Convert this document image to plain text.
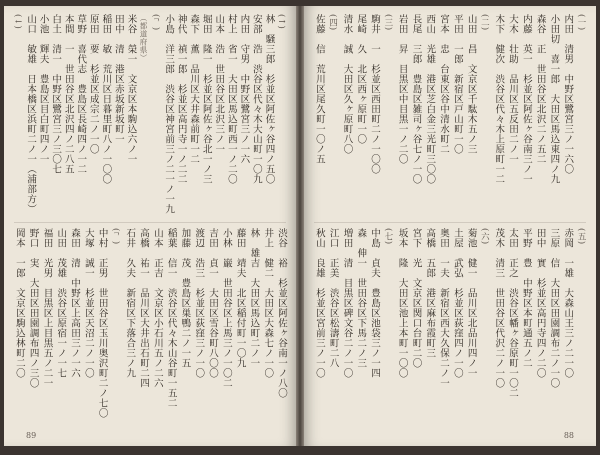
(↑)
林　騒三郎　杉並区阿佐ヶ谷四ノ五〇
安部　浩　渋谷区代々木大山町一〇九
内田　守男　中野区鷺宮三ノ一六
村上　省一　大田区馬込町西一ノ二〇
山本　浩　世田谷区北沢三ノ一
堀田　隆一　杉並区阿佐ヶ谷北一ノ三
森下　薫　品川区大井森前町一二
神代　禎一郎　杉並区高円寺一ノ二二
小島　洋三郎　渋谷区神宮前三ノ二一ノ一九
(ᄀ)
（都道府県）
米谷　榮一　文京区本駒込六ノ一
田中　清　港区赤坂新坂町一
稲田　敏　荒川区日暮里町八ノ一〇〇
原田　要　杉並区成宗二ノ一〇
草野　喜代志　豊島区長崎四ノ一二
本間　一　世田谷区北沢四ノ二八五
白土　清一　中野区鷺宮三ノ三〇七
小池　輝夫　豊島区目白町四ノ一
山口　敏雄　日本橋区浜町二ノ一（浦部方）
(↓)
渋谷　裕　杉並区阿佐ヶ谷南一ノ八〇
井上　健二　大田区大森七ノ一〇
林　雄吉　大田区馬込町二ノ一
藤田　靖夫　北区稲付町一〇九
小林　巌　世田谷区上馬三ノ一〇二
吉田　貞一　大田区雪谷町八〇〇
渡辺　浩三　杉並区荻窪三ノ一〇
加藤　茂　豊島区巣鴨二ノ一五
稲葉　信一　渋谷区代々木山谷町一五二
山本　正吉　文京区小石川五ノ二六
高橋　祐一　品川区大井出石町二四
石井　久夫　新宿区下落合三ノ九
(ᄀ)
中村　正男　世田谷区玉川奥沢町二ノ七〇
大塚　誠一　杉並区天沼二ノ一〇
森田　清　中野区上高田三ノ一六
山田　茂雄　渋谷区原宿一ノ一七
福田　光男　目黒区上目黒五ノ二一
野口　実　大田区田園調布四ノ三〇
岡本　一郎　文京区駒込林町二〇
89
(一)
内田　清男　中野区鷺宮三ノ一六〇
小田切　喜一郎　大田区馬込東四ノ九
森谷　正　世田谷区北沢二ノ五二
内藤　英一　杉並区阿佐ヶ谷南三ノ一
大木　壮助　品川区五反田二ノ一
木下　健次　渋谷区代々木上原町一二
(二)
山田　昌　文京区千駄木五ノ三
平田　一郎　新宿区戸山町一〇
宮本　忠　台東区谷中清水町二
西山　光雄　港区芝白金三光町三〇〇
長尾　三郎　豊島区雑司ヶ谷七ノ一〇
岩田　昇　目黒区中目黒一ノ二〇
(三)
駒井　一　杉並区西田町二ノ一〇〇
尾崎　久　北区西ヶ原町一〇
清水　誠　大田区久ヶ原町八〇
(四)
佐藤　信　荒川区尾久町一〇ノ五
(五)
赤岡　一雄　大森山王三ノ二一〇
三原　信　大田区田園調布二ノ一〇
田中　實　杉並区高円寺四ノ二〇
平野　豊　中野区本町通五ノ二
太田　正之　渋谷区幡ヶ谷原町一〇二
茂木　清三　世田谷区代沢二ノ一〇
(六)
菊池　健一　品川区北品川四ノ一
土屋　武弘　杉並区荻窪四ノ一〇
奥田　一夫　新宿区西大久保二ノ一
高橋　五郎　港区麻布霞町三
宮下　光　文京区関口台町二〇
坂本　隆　大田区池上本町一〇〇
(七)
中島　貞夫　豊島区池袋三ノ一四
森　伸一　世田谷区下馬二ノ三
増田　清　目黒区碑文谷二ノ一〇
江口　正美　渋谷区松濤町二八
秋山　良雄　杉並区宮前三ノ一〇
88
